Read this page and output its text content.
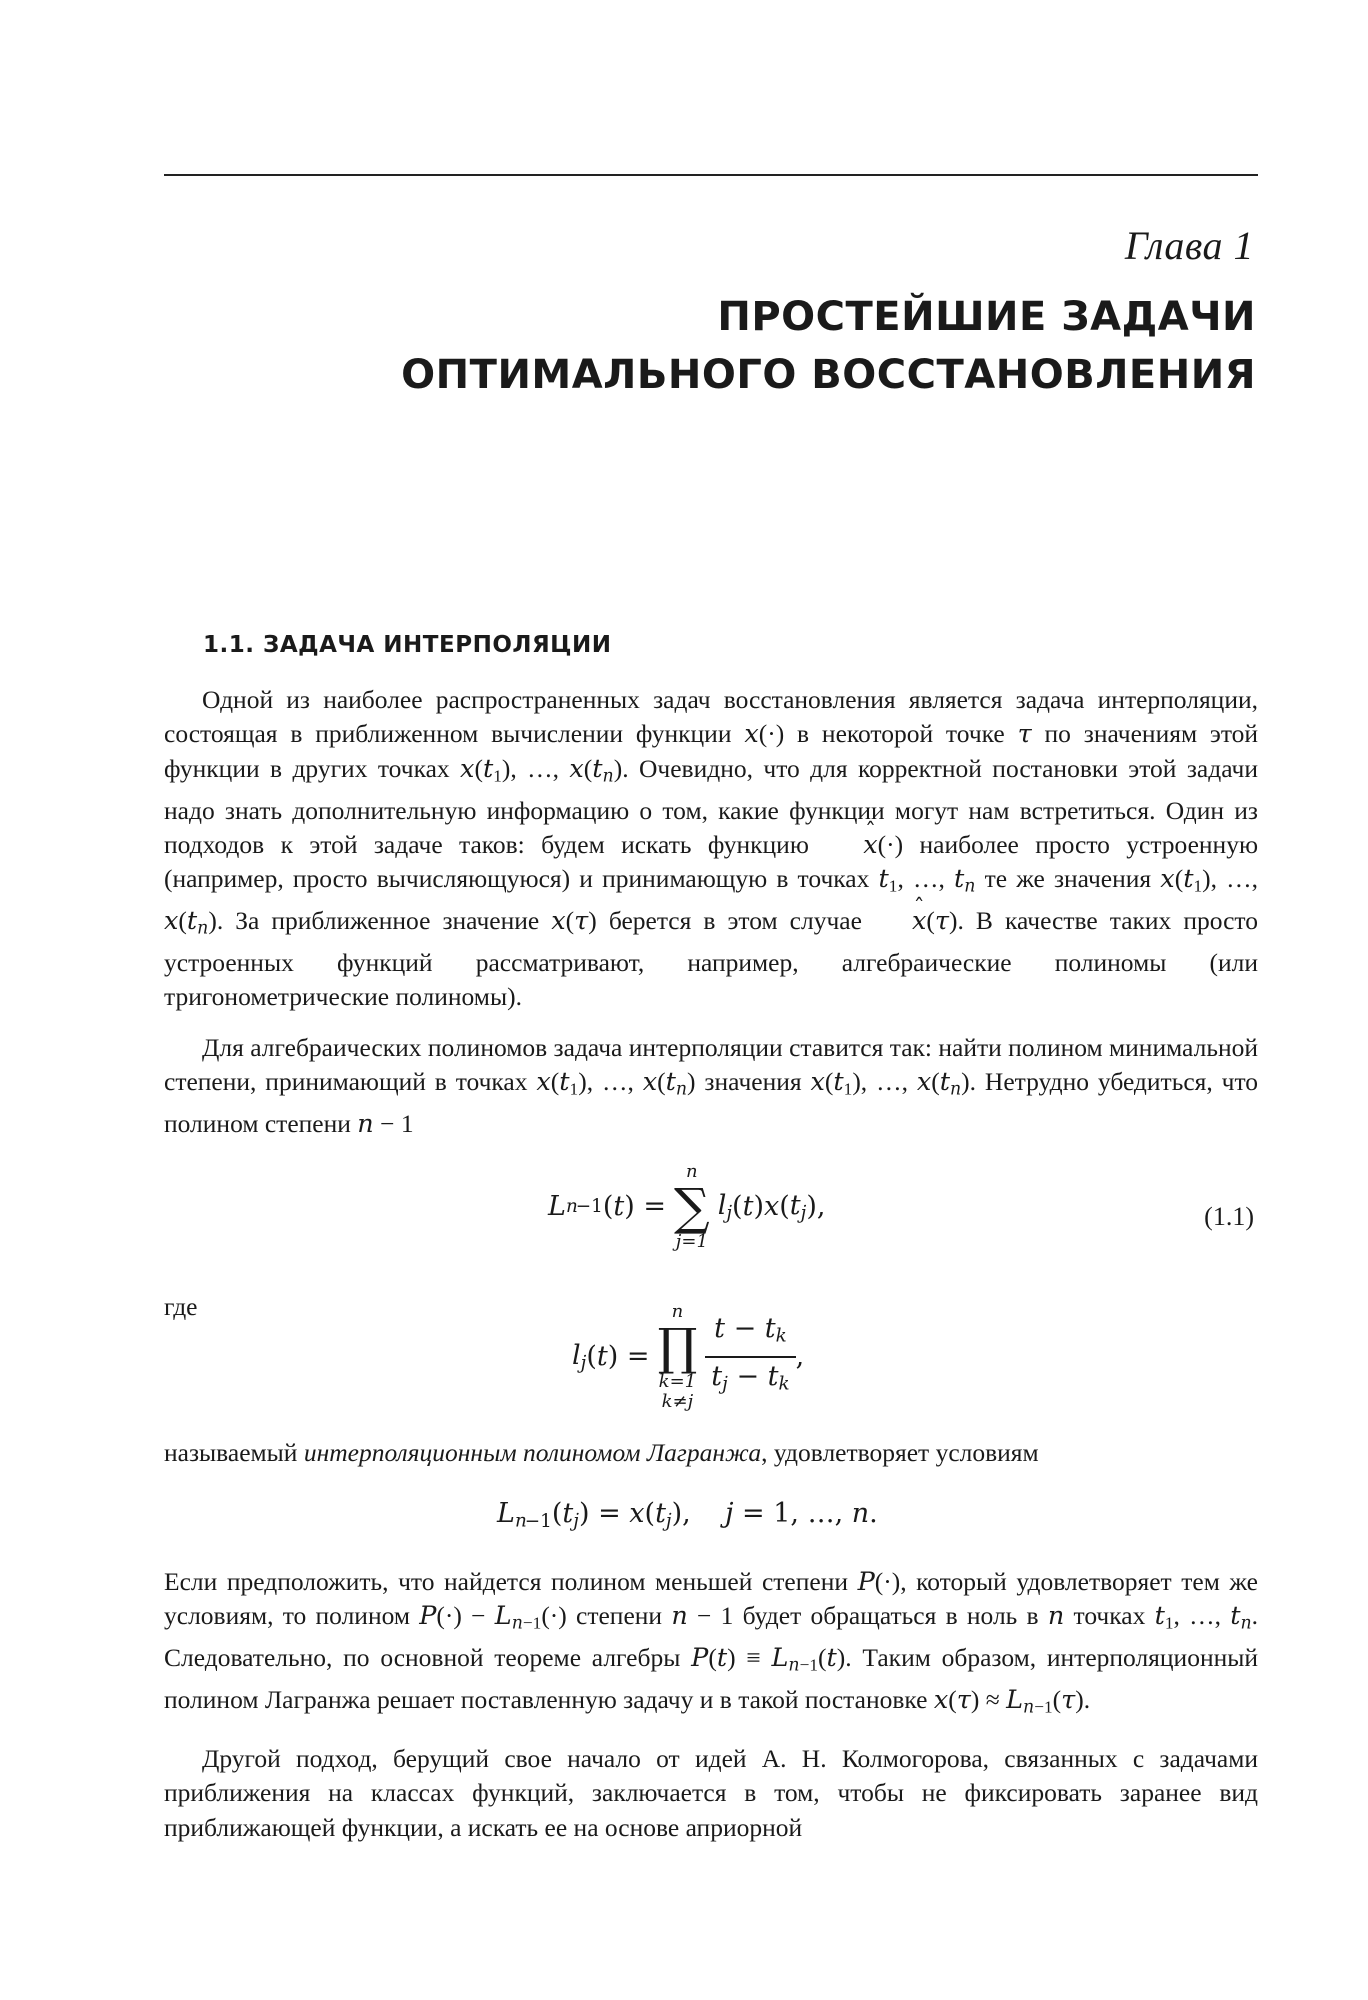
Глава 1
ПРОСТЕЙШИЕ ЗАДАЧИ
ОПТИМАЛЬНОГО ВОССТАНОВЛЕНИЯ
1.1. ЗАДАЧА ИНТЕРПОЛЯЦИИ
Одной из наиболее распространенных задач восстановления является задача интерполяции, состоящая в приближенном вычислении функции x(·) в некоторой точке τ по значениям этой функции в других точках $x(t_1)$, …, $x(t_n)$. Очевидно, что для корректной постановки этой задачи надо знать дополнительную информацию о том, какие функции могут нам встретиться. Один из подходов к этой задаче таков: будем искать функцию ˆ x(·) наиболее просто устроенную (например, просто вычисляющуюся) и принимающую в точках $t_1$, …, $t_n$ те же значения $x(t_1)$, …, $x(t_n)$. За приближенное значение x(τ) берется в этом случае ˆ x(τ). В качестве таких просто устроенных функций рассматривают, например, алгебраические полиномы (или тригонометрические полиномы).
Для алгебраических полиномов задача интерполяции ставится так: найти полином минимальной степени, принимающий в точках $x(t_1)$, …, $x(t_n)$ значения $x(t_1)$, …, $x(t_n)$. Нетрудно убедиться, что полином степени n − 1
L n
−1 ( t ) =
n
∑
j=1
$l_j$ ( t ) x ( $t_j$ ),	(1.1)
где
$l_j$ ( t ) =
n
∏
k=1
$k\ne j \frac{t - t_k}{t_j - t_k}$ ,
называемый интерполяционным полиномом Лагранжа, удовлетворяет условиям
$L_{n-1}(t_j) = x(t_j)$,    j = 1, …, n.
Если предположить, что найдется полином меньшей степени P(·), который удовлетворяет тем же условиям, то полином $P(\cdot) - L_{n-1}(\cdot)$ степени n − 1 будет обращаться в ноль в n точках $t_1$, …, $t_n$. Следовательно, по основной теореме алгебры $P(t) \equiv L_{n-1}(t)$. Таким образом, интерполяционный полином Лагранжа решает поставленную задачу и в такой постановке $x(\tau) \approx L_{n-1}(\tau)$.
Другой подход, берущий свое начало от идей А. Н. Колмогорова, связанных с задачами приближения на классах функций, заключается в том, чтобы не фиксировать заранее вид приближающей функции, а искать ее на основе априорной
